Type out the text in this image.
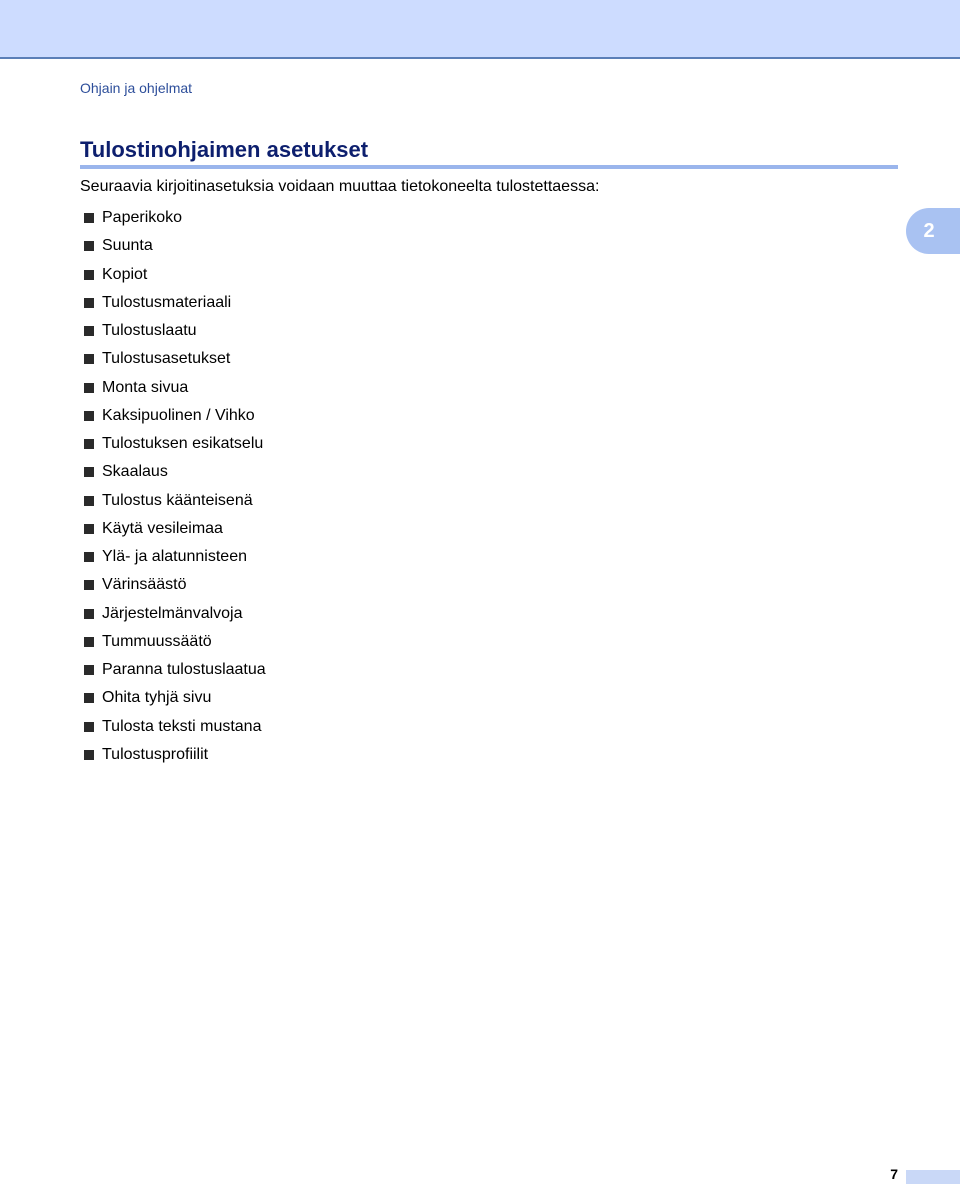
Ohjain ja ohjelmat
Tulostinohjaimen asetukset

Seuraavia kirjoitinasetuksia voidaan muuttaa tietokoneelta tulostettaessa:

Paperikoko
Suunta
Kopiot
Tulostusmateriaali
Tulostuslaatu
Tulostusasetukset
Monta sivua
Kaksipuolinen / Vihko
Tulostuksen esikatselu
Skaalaus
Tulostus käänteisenä
Käytä vesileimaa
Ylä- ja alatunnisteen
Värinsäästö
Järjestelmänvalvoja
Tummuussäätö
Paranna tulostuslaatua
Ohita tyhjä sivu
Tulosta teksti mustana
Tulostusprofiilit
2
7
